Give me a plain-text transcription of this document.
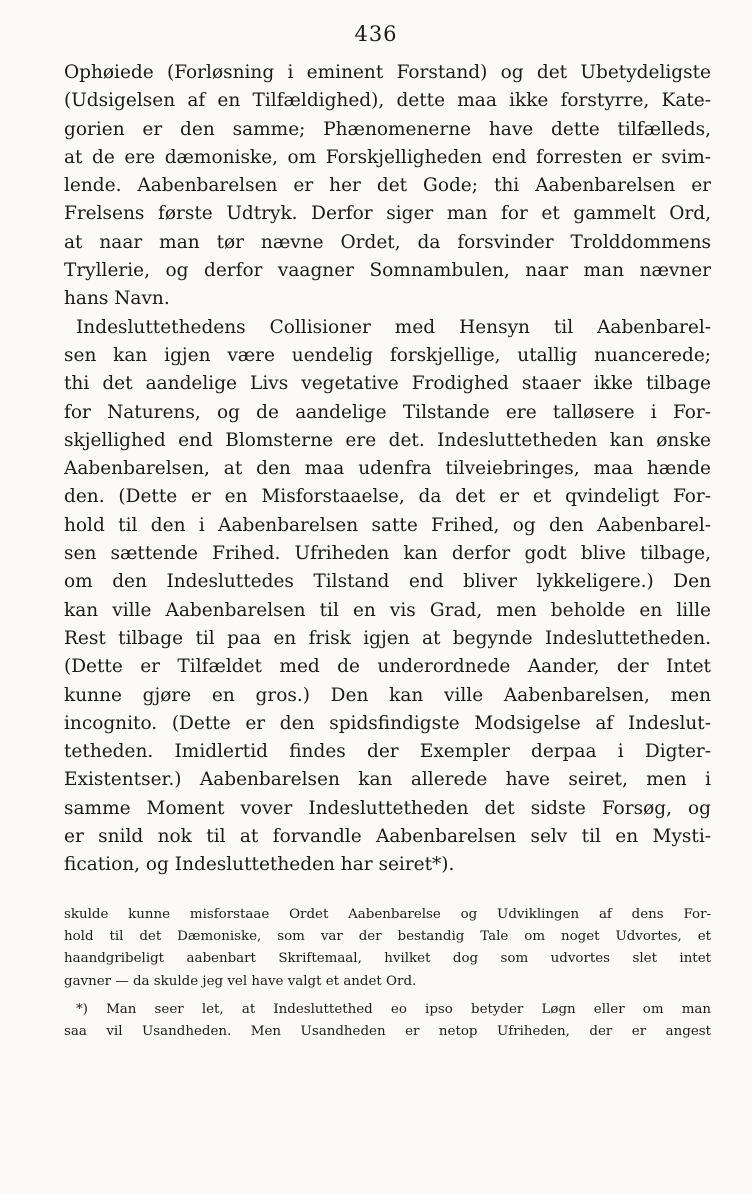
436
Ophøiede (Forløsning i eminent Forstand) og det Ubetydeligste
(Udsigelsen af en Tilfældighed), dette maa ikke forstyrre, Kate-
gorien er den samme; Phænomenerne have dette tilfælleds,
at de ere dæmoniske, om Forskjelligheden end forresten er svim-
lende. Aabenbarelsen er her det Gode; thi Aabenbarelsen er
Frelsens første Udtryk. Derfor siger man for et gammelt Ord,
at naar man tør nævne Ordet, da forsvinder Trolddommens
Tryllerie, og derfor vaagner Somnambulen, naar man nævner
hans Navn.
Indesluttethedens Collisioner med Hensyn til Aabenbarel-
sen kan igjen være uendelig forskjellige, utallig nuancerede;
thi det aandelige Livs vegetative Frodighed staaer ikke tilbage
for Naturens, og de aandelige Tilstande ere talløsere i For-
skjellighed end Blomsterne ere det. Indesluttetheden kan ønske
Aabenbarelsen, at den maa udenfra tilveiebringes, maa hænde
den. (Dette er en Misforstaaelse, da det er et qvindeligt For-
hold til den i Aabenbarelsen satte Frihed, og den Aabenbarel-
sen sættende Frihed. Ufriheden kan derfor godt blive tilbage,
om den Indesluttedes Tilstand end bliver lykkeligere.) Den
kan ville Aabenbarelsen til en vis Grad, men beholde en lille
Rest tilbage til paa en frisk igjen at begynde Indesluttetheden.
(Dette er Tilfældet med de underordnede Aander, der Intet
kunne gjøre en gros.) Den kan ville Aabenbarelsen, men
incognito. (Dette er den spidsfindigste Modsigelse af Indeslut-
tetheden. Imidlertid findes der Exempler derpaa i Digter-
Existentser.) Aabenbarelsen kan allerede have seiret, men i
samme Moment vover Indesluttetheden det sidste Forsøg, og
er snild nok til at forvandle Aabenbarelsen selv til en Mysti-
fication, og Indesluttetheden har seiret*).
skulde kunne misforstaae Ordet Aabenbarelse og Udviklingen af dens For-
hold til det Dæmoniske, som var der bestandig Tale om noget Udvortes, et
haandgribeligt aabenbart Skriftemaal, hvilket dog som udvortes slet intet
gavner — da skulde jeg vel have valgt et andet Ord.
*) Man seer let, at Indesluttethed eo ipso betyder Løgn eller om man
saa vil Usandheden. Men Usandheden er netop Ufriheden, der er angest
